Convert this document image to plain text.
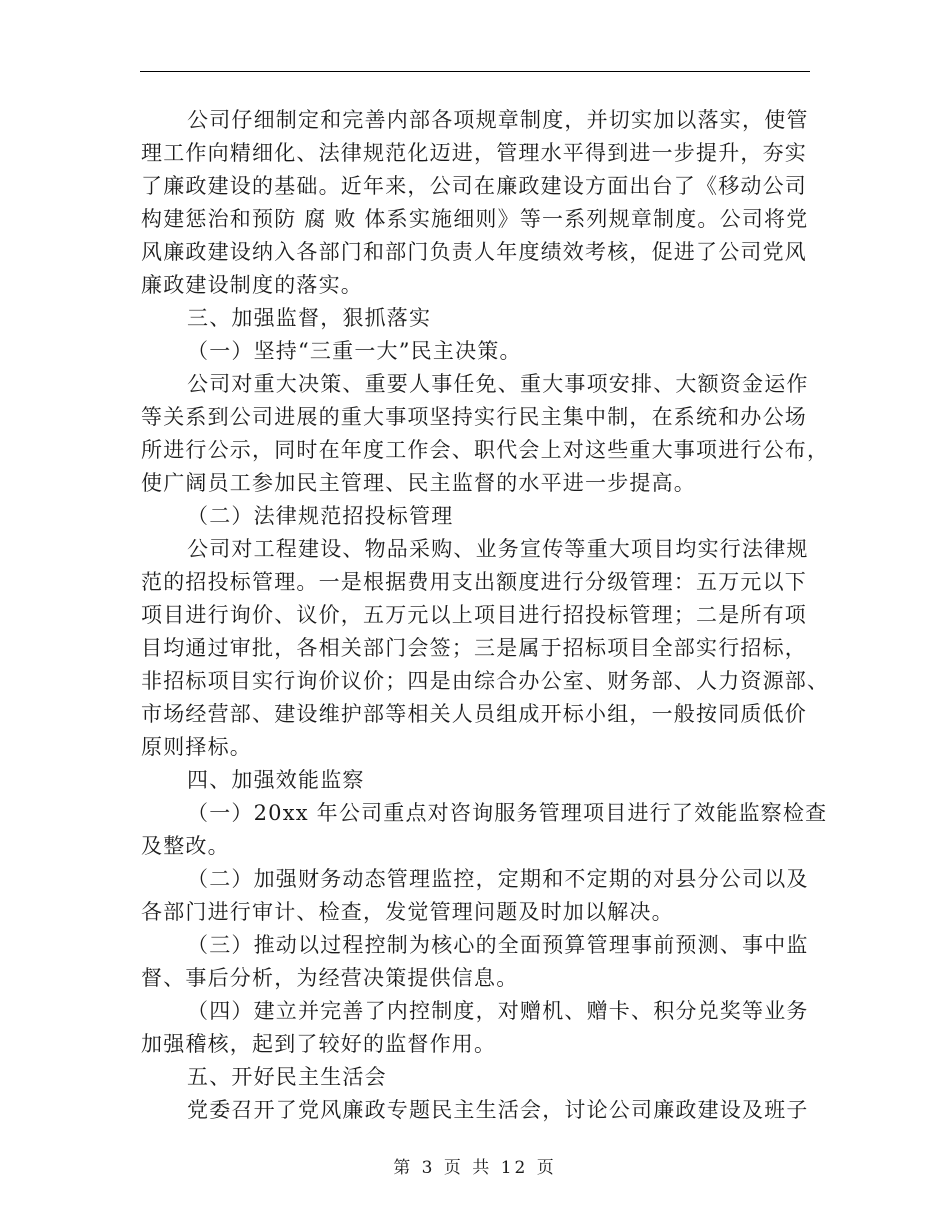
公司仔细制定和完善内部各项规章制度，并切实加以落实，使管
理工作向精细化、法律规范化迈进，管理水平得到进一步提升，夯实
了廉政建设的基础。近年来，公司在廉政建设方面出台了《移动公司
构建惩治和预防 腐 败 体系实施细则》等一系列规章制度。公司将党
风廉政建设纳入各部门和部门负责人年度绩效考核，促进了公司党风
廉政建设制度的落实。
三、加强监督，狠抓落实
（一）坚持“三重一大”民主决策。
公司对重大决策、重要人事任免、重大事项安排、大额资金运作
等关系到公司进展的重大事项坚持实行民主集中制，在系统和办公场
所进行公示，同时在年度工作会、职代会上对这些重大事项进行公布，
使广阔员工参加民主管理、民主监督的水平进一步提高。
（二）法律规范招投标管理
公司对工程建设、物品采购、业务宣传等重大项目均实行法律规
范的招投标管理。一是根据费用支出额度进行分级管理：五万元以下
项目进行询价、议价，五万元以上项目进行招投标管理；二是所有项
目均通过审批，各相关部门会签；三是属于招标项目全部实行招标，
非招标项目实行询价议价；四是由综合办公室、财务部、人力资源部、
市场经营部、建设维护部等相关人员组成开标小组，一般按同质低价
原则择标。
四、加强效能监察
（一）20xx 年公司重点对咨询服务管理项目进行了效能监察检查
及整改。
（二）加强财务动态管理监控，定期和不定期的对县分公司以及
各部门进行审计、检查，发觉管理问题及时加以解决。
（三）推动以过程控制为核心的全面预算管理事前预测、事中监
督、事后分析，为经营决策提供信息。
（四）建立并完善了内控制度，对赠机、赠卡、积分兑奖等业务
加强稽核，起到了较好的监督作用。
五、开好民主生活会
党委召开了党风廉政专题民主生活会，讨论公司廉政建设及班子
第 3 页 共 12 页
